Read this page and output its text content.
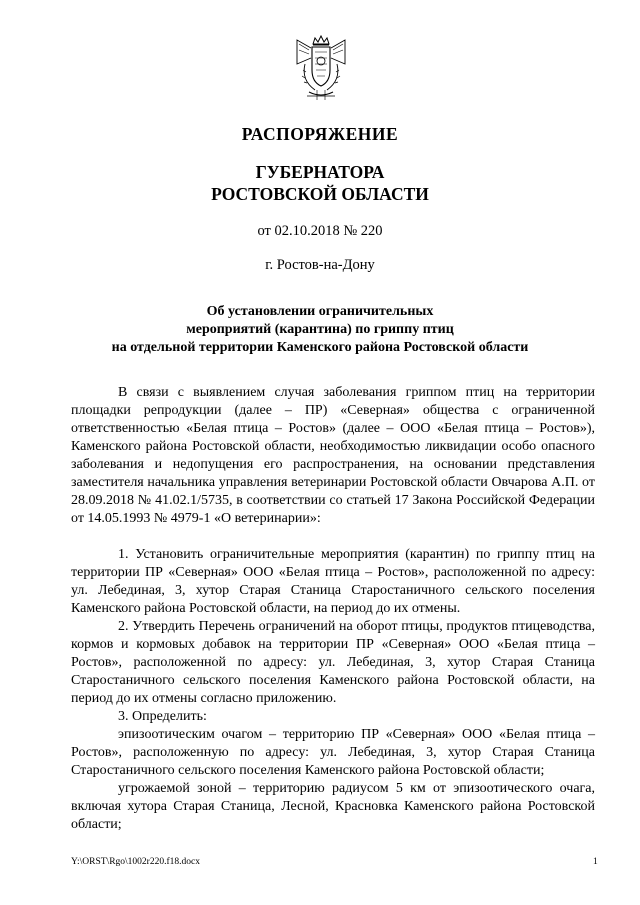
РАСПОРЯЖЕНИЕ
ГУБЕРНАТОРА
РОСТОВСКОЙ ОБЛАСТИ
от 02.10.2018 № 220
г. Ростов-на-Дону
Об установлении ограничительных
мероприятий (карантина) по гриппу птиц
на отдельной территории Каменского района Ростовской области

В связи с выявлением случая заболевания гриппом птиц на территории площадки репродукции (далее – ПР) «Северная» общества с ограниченной ответственностью «Белая птица – Ростов» (далее – ООО «Белая птица – Ростов»), Каменского района Ростовской области, необходимостью ликвидации особо опасного заболевания и недопущения его распространения, на основании представления заместителя начальника управления ветеринарии Ростовской области Овчарова А.П. от 28.09.2018 № 41.02.1/5735, в соответствии со статьей 17 Закона Российской Федерации от 14.05.1993 № 4979-1 «О ветеринарии»:

1. Установить ограничительные мероприятия (карантин) по гриппу птиц на территории ПР «Северная» ООО «Белая птица – Ростов», расположенной по адресу: ул. Лебединая, 3, хутор Старая Станица Старостаничного сельского поселения Каменского района Ростовской области, на период до их отмены.

2. Утвердить Перечень ограничений на оборот птицы, продуктов птицеводства, кормов и кормовых добавок на территории ПР «Северная» ООО «Белая птица – Ростов», расположенной по адресу: ул. Лебединая, 3, хутор Старая Станица Старостаничного сельского поселения Каменского района Ростовской области, на период до их отмены согласно приложению.

3. Определить:

эпизоотическим очагом – территорию ПР «Северная» ООО «Белая птица – Ростов», расположенную по адресу: ул. Лебединая, 3, хутор Старая Станица Старостаничного сельского поселения Каменского района Ростовской области;

угрожаемой зоной – территорию радиусом 5 км от эпизоотического очага, включая хутора Старая Станица, Лесной, Красновка Каменского района Ростовской области;

Y:\ORST\Rgo\1002r220.f18.docx	1
